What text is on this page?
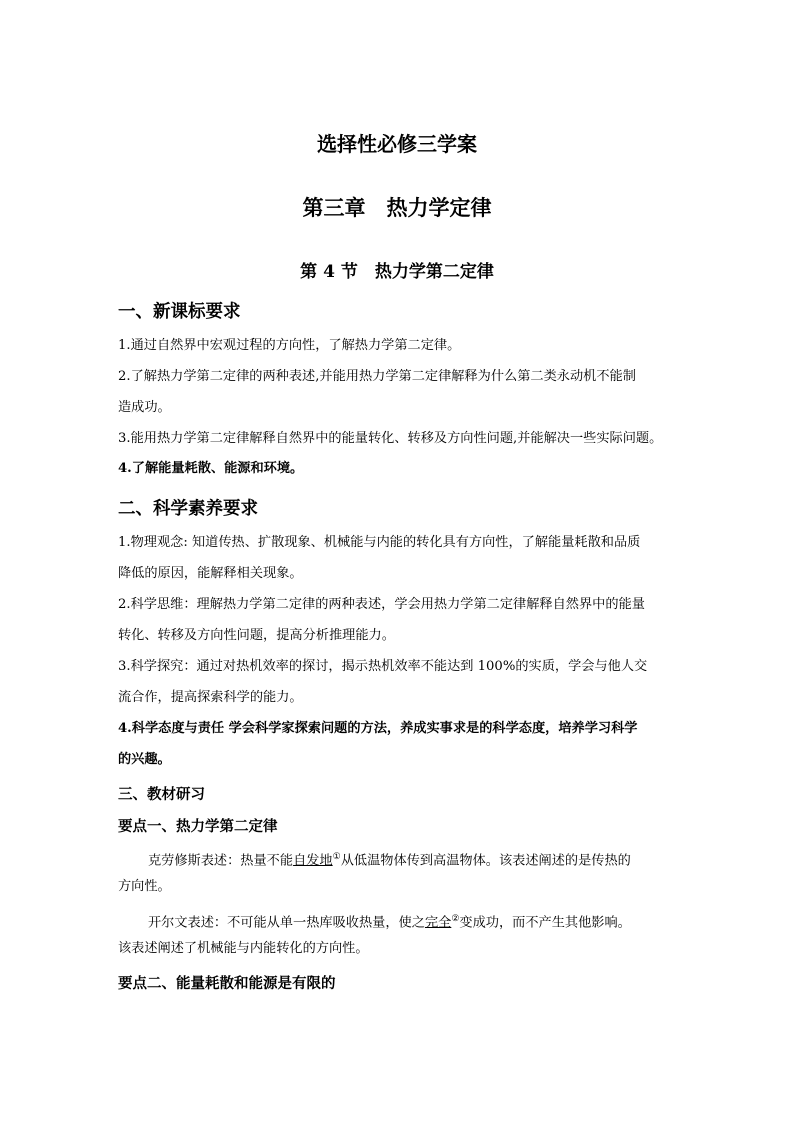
选择性必修三学案
第三章　热力学定律
第 4 节　热力学第二定律
一、新课标要求
1.通过自然界中宏观过程的方向性，了解热力学第二定律。
2.了解热力学第二定律的两种表述,并能用热力学第二定律解释为什么第二类永动机不能制
造成功。
3.能用热力学第二定律解释自然界中的能量转化、转移及方向性问题,并能解决一些实际问题。
4.了解能量耗散、能源和环境。
二、科学素养要求
1.物理观念: 知道传热、扩散现象、机械能与内能的转化具有方向性，了解能量耗散和品质
降低的原因，能解释相关现象。
2.科学思维：理解热力学第二定律的两种表述，学会用热力学第二定律解释自然界中的能量
转化、转移及方向性问题，提高分析推理能力。
3.科学探究：通过对热机效率的探讨，揭示热机效率不能达到 100%的实质，学会与他人交
流合作，提高探索科学的能力。
4.科学态度与责任 学会科学家探索问题的方法，养成实事求是的科学态度，培养学习科学
的兴趣。
三、教材研习
要点一、热力学第二定律
克劳修斯表述：热量不能自发地①从低温物体传到高温物体。该表述阐述的是传热的
方向性。
开尔文表述：不可能从单一热库吸收热量，使之完全②变成功，而不产生其他影响。
该表述阐述了机械能与内能转化的方向性。
要点二、能量耗散和能源是有限的
